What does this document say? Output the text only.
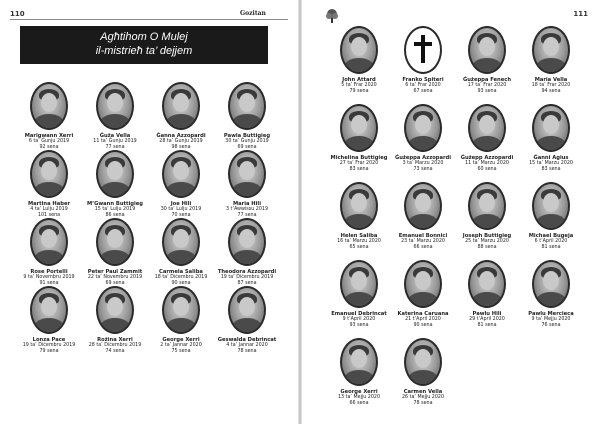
110	Gozitan
Agħtihom O Mulej
il-mistrieħ ta’ dejjem
Marigwann Xerri
6 ta’ Ġunju 2019
92 sena
Ġuża Vella
11 ta’ Ġunju 2019
77 sena
Ġanna Azzopardi
28 ta’ Ġunju 2019
98 sena
Pawla Buttigieg
30 ta’ Ġunju 2019
69 sena
Martina Haber
4 ta’ Lulju 2019
101 sena
M’Gwann Buttigieg
15 ta’ Lulju 2019
86 sena
Joe Hili
30 ta’ Lulju 2019
70 sena
Maria Hili
3 t’Awwissu 2019
77 sena
Rose Portelli
9 ta’ Novembru 2019
91 sena
Peter Paul Zammit
22 ta’ Novembru 2019
69 sena
Carmela Saliba
18 ta’ Diċembru 2019
90 sena
Theodora Azzopardi
19 ta’ Diċembru 2019
87 sena
Lonza Pace
19 ta’ Diċembru 2019
79 sena
Rożina Xerri
28 ta’ Diċembru 2019
74 sena
George Xerri
2 ta’ Jannar 2020
75 sena
Geswalda Debrincat
4 ta’ Jannar 2020
78 sena
111
John Attard
5 ta’ Frar 2020
79 sena
Franko Spiteri
6 ta’ Frar 2020
67 sena
Ġużeppa Fenech
17 ta’ Frar 2020
93 sena
Maria Vella
18 ta’ Frar 2020
94 sena
Michelina Buttigieg
27 ta’ Frar 2020
83 sena
Ġużeppa Azzopardi
3 ta’ Marzu 2020
73 sena
Ġużepp Azzopardi
11 ta’ Marzu 2020
60 sena
Ġanni Agius
15 ta’ Marzu 2020
83 sena
Helen Saliba
16 ta’ Marzu 2020
65 sena
Emanuel Bonnici
23 ta’ Marzu 2020
66 sena
Joseph Buttigieg
25 ta’ Marzu 2020
88 sena
Michael Bugeja
6 t’April 2020
81 sena
Emanuel Debrincat
9 t’April 2020
93 sena
Katerina Caruana
21 t’April 2020
90 sena
Pawlu Hili
29 t’April 2020
81 sena
Pawlu Mercieca
9 ta’ Mejju 2020
76 sena
George Xerri
13 ta’ Mejju 2020
66 sena
Carmen Vella
26 ta’ Mejju 2020
78 sena
